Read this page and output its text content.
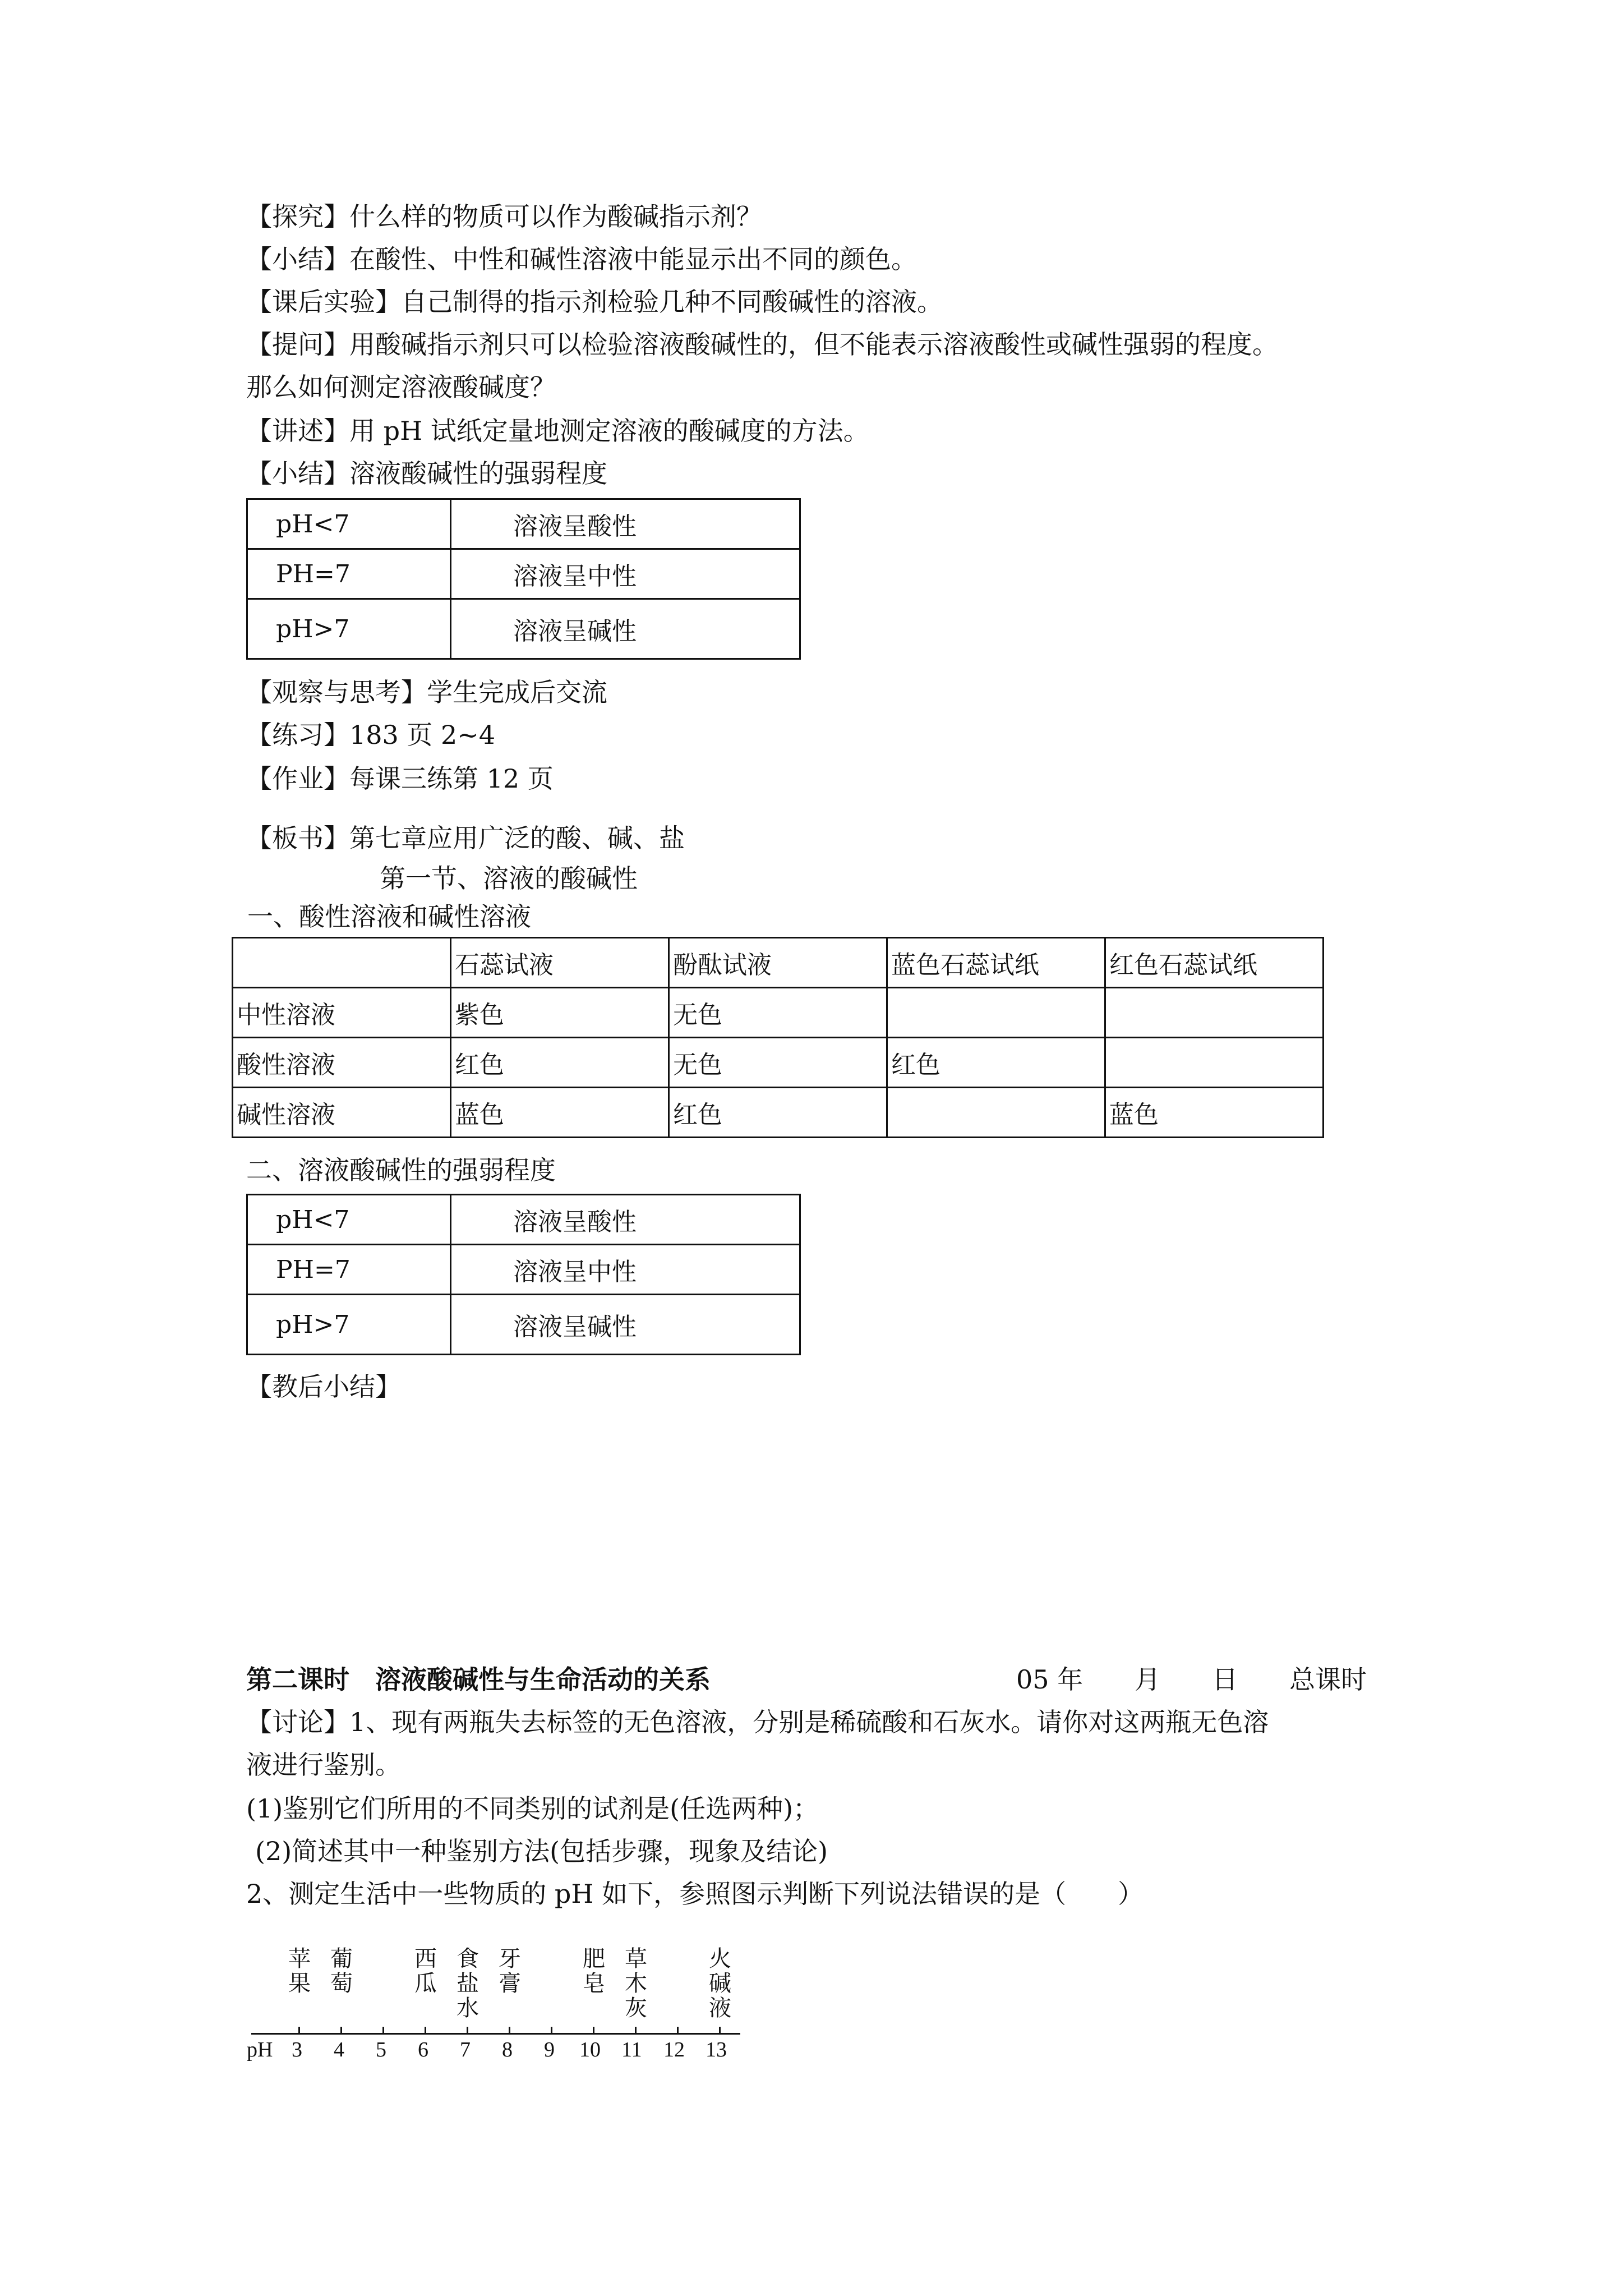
【探究】什么样的物质可以作为酸碱指示剂？
【小结】在酸性、中性和碱性溶液中能显示出不同的颜色。
【课后实验】自己制得的指示剂检验几种不同酸碱性的溶液。
【提问】用酸碱指示剂只可以检验溶液酸碱性的，但不能表示溶液酸性或碱性强弱的程度。
那么如何测定溶液酸碱度？
【讲述】用 pH 试纸定量地测定溶液的酸碱度的方法。
【小结】溶液酸碱性的强弱程度
pH<7	溶液呈酸性
PH=7	溶液呈中性
pH>7	溶液呈碱性
【观察与思考】学生完成后交流
【练习】183 页 2~4
【作业】每课三练第 12 页
【板书】第七章应用广泛的酸、碱、盐
第一节、溶液的酸碱性
一、酸性溶液和碱性溶液
	石蕊试液	酚酞试液	蓝色石蕊试纸	红色石蕊试纸
中性溶液	紫色	无色		
酸性溶液	红色	无色	红色	
碱性溶液	蓝色	红色		蓝色
二、溶液酸碱性的强弱程度
pH<7	溶液呈酸性
PH=7	溶液呈中性
pH>7	溶液呈碱性
【教后小结】
第二课时　溶液酸碱性与生命活动的关系	05 年　　月　　日　　总课时
【讨论】1、现有两瓶失去标签的无色溶液，分别是稀硫酸和石灰水。请你对这两瓶无色溶
液进行鉴别。
(1)鉴别它们所用的不同类别的试剂是(任选两种)；
(2)简述其中一种鉴别方法(包括步骤，现象及结论)
2、测定生活中一些物质的 pH 如下，参照图示判断下列说法错误的是（　　）
pH 3 4 5 6 7 8 9 10 11 12 13
苹
果
葡
萄
西
瓜
食
盐
水
牙
膏
肥
皂
草
木
灰
火
碱
液
